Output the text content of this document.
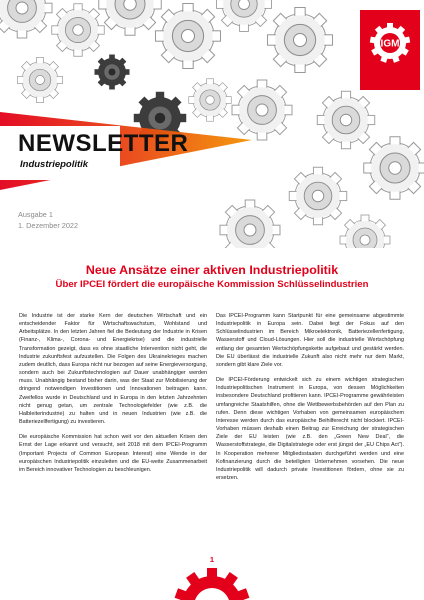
IGM
NEWSLETTER

Industriepolitik

Ausgabe 1

1. Dezember 2022

Neue Ansätze einer aktiven Industriepolitik
Über IPCEI fördert die europäische Kommission Schlüsselindustrien

Die Industrie ist der starke Kern der deutschen Wirtschaft und ein entscheidender Faktor für Wirtschaftswachstum, Wohlstand und Arbeitsplätze. In den letzten Jahren fiel die Bedeutung der Industrie in Krisen (Finanz-, Klima-, Corona- und Energiekrise) und die industrielle Transformation gezeigt, dass es ohne staatliche Intervention nicht geht, die Industrie zukunftsfest aufzustellen. Die Folgen des Ukrainekrieges machen zudem deutlich, dass Europa nicht nur bezogen auf seine Energieversorgung, sondern auch bei Zukunftstechnologien auf Dauer unabhängiger werden muss. Unabhängig bestand bisher darin, was der Staat zur Mobilisierung der dringend notwendigen Investitionen und Innovationen beitragen kann. Zweifellos wurde in Deutschland und in Europa in den letzten Jahrzehnten nicht genug getan, um zentrale Technologiefelder (wie z.B. die Halbleiterindustrie) zu halten und in neuen Industrien (wie z.B. die Batteriezellfertigung) zu investieren.

Die europäische Kommission hat schon weit vor den aktuellen Krisen den Ernst der Lage erkannt und versucht, seit 2018 mit dem IPCEI-Programm (Important Projects of Common European Interest) eine Wende in der europäischen Industriepolitik einzuleiten und die EU-weite Zusammenarbeit im Bereich innovativer Technologien zu beschleunigen.

Das IPCEI-Programm kann Startpunkt für eine gemeinsame abgestimmte Industriepolitik in Europa sein. Dabei liegt der Fokus auf den Schlüsselindustrien im Bereich Mikroelektronik, Batteriezellenfertigung, Wasserstoff und Cloud-Lösungen. Hier soll die industrielle Wertschöpfung entlang der gesamten Wertschöpfungskette aufgebaut und gestärkt werden. Die EU überlässt die industrielle Zukunft also nicht mehr nur dem Markt, sondern gibt klare Ziele vor.

Die IPCEI-Förderung entwickelt sich zu einem wichtigen strategischen Industriepolitischen Instrument in Europa, von dessen Möglichkeiten insbesondere Deutschland profitieren kann. IPCEI-Programme gewährleisten umfangreiche Staatshilfen, ohne die Wettbewerbsbehörden auf den Plan zu rufen. Denn diese wichtigen Vorhaben von gemeinsamen europäischem Interesse werden durch das europäische Beihilferecht nicht blockiert. IPCEI-Vorhaben müssen deshalb einen Beitrag zur Erreichung der strategischen Ziele der EU leisten (wie z.B. den „Green New Deal“, die Wasserstoffstrategie, die Digitalstrategie oder erst jüngst der „EU Chips Act“). In Kooperation mehrerer Mitgliedsstaaten durchgeführt werden und eine Kofinanzierung durch die beteiligten Unternehmen vorsehen. Die neue Industriepolitik will dadurch private Investitionen fördern, ohne sie zu ersetzen.

1
